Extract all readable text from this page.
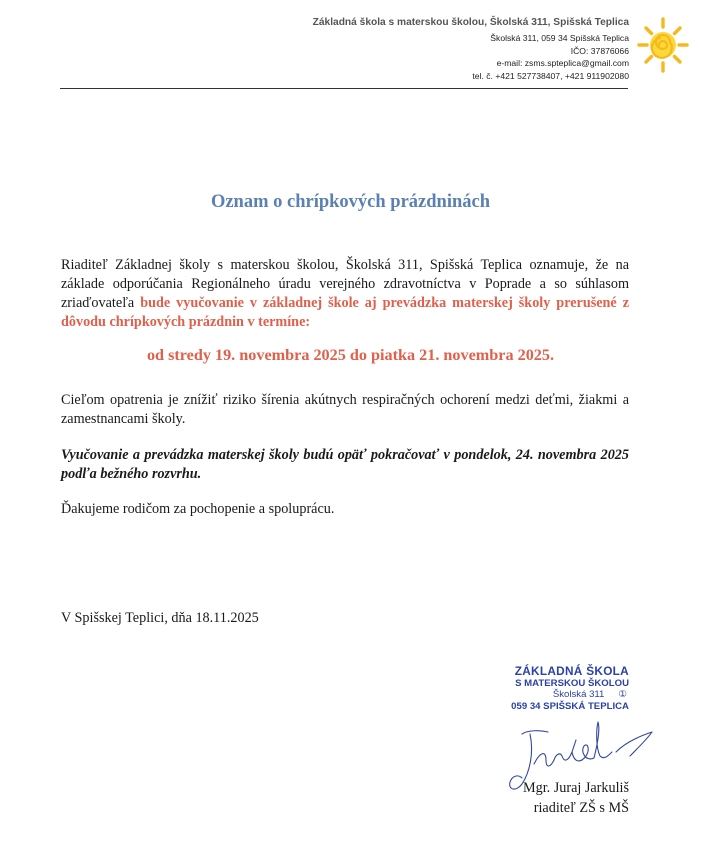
Základná škola s materskou školou, Školská 311, Spišská Teplica
Školská 311, 059 34 Spišská Teplica
IČO: 37876066
e-mail: zsms.spteplica@gmail.com
tel. č. +421 527738407, +421 911902080
Oznam o chrípkových prázdninách
Riaditeľ Základnej školy s materskou školou, Školská 311, Spišská Teplica oznamuje, že na základe odporúčania Regionálneho úradu verejného zdravotníctva v Poprade a so súhlasom zriaďovateľa bude vyučovanie v základnej škole aj prevádzka materskej školy prerušené z dôvodu chrípkových prázdnin v termíne:
od stredy 19. novembra 2025 do piatka 21. novembra 2025.
Cieľom opatrenia je znížiť riziko šírenia akútnych respiračných ochorení medzi deťmi, žiakmi a zamestnancami školy.
Vyučovanie a prevádzka materskej školy budú opäť pokračovať v pondelok, 24. novembra 2025 podľa bežného rozvrhu.
Ďakujeme rodičom za pochopenie a spoluprácu.
V Spišskej Teplici, dňa 18.11.2025
ZÁKLADNÁ ŠKOLA
S MATERSKOU ŠKOLOU
Školská 311 ①
059 34 SPIŠSKÁ TEPLICA
Mgr. Juraj Jarkuliš
riaditeľ ZŠ s MŠ
